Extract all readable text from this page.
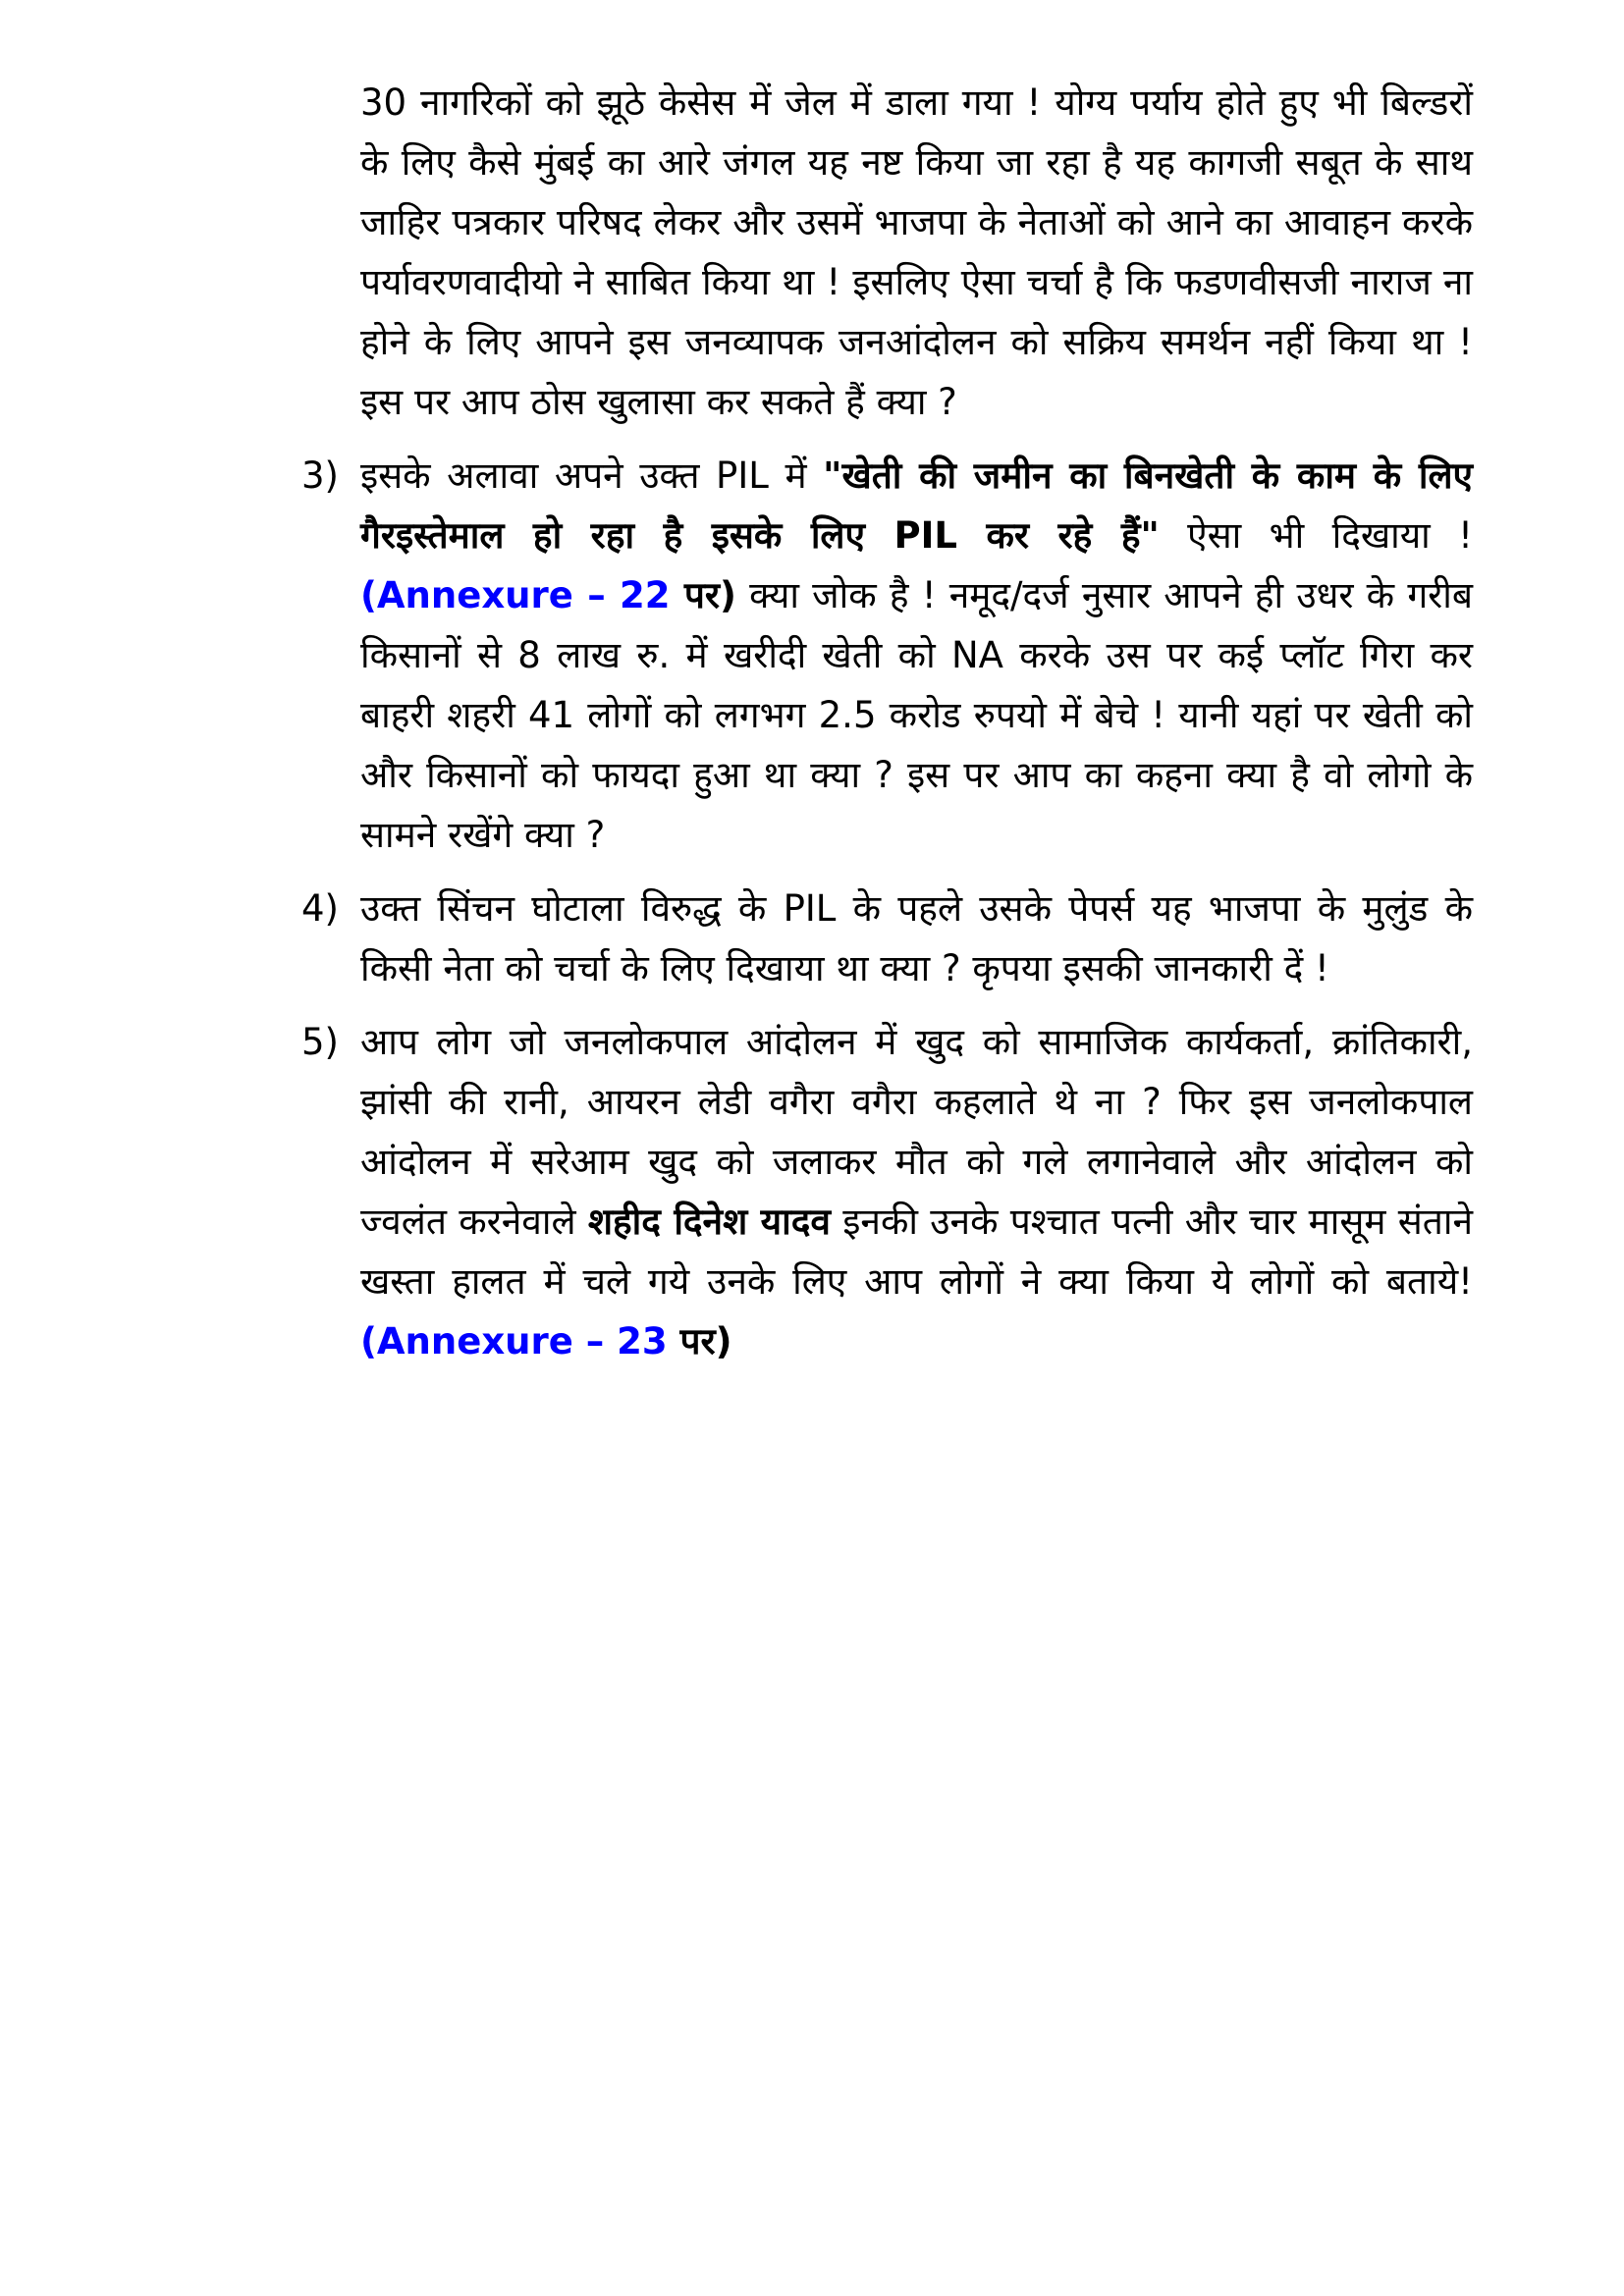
30 नागरिकों को झूठे केसेस में जेल में डाला गया ! योग्य पर्याय होते हुए भी बिल्डरों के लिए कैसे मुंबई का आरे जंगल यह नष्ट किया जा रहा है यह कागजी सबूत के साथ जाहिर पत्रकार परिषद लेकर और उसमें भाजपा के नेताओं को आने का आवाहन करके पर्यावरणवादीयो ने साबित किया था ! इसलिए ऐसा चर्चा है कि फडणवीसजी नाराज ना होने के लिए आपने इस जनव्यापक जनआंदोलन को सक्रिय समर्थन नहीं किया था ! इस पर आप ठोस खुलासा कर सकते हैं क्या ?

3) इसके अलावा अपने उक्त PIL में "खेती की जमीन का बिनखेती के काम के लिए गैरइस्तेमाल हो रहा है इसके लिए PIL कर रहे हैं" ऐसा भी दिखाया ! (Annexure – 22 पर) क्या जोक है ! नमूद/दर्ज नुसार आपने ही उधर के गरीब किसानों से 8 लाख रु. में खरीदी खेती को NA करके उस पर कई प्लॉट गिरा कर बाहरी शहरी 41 लोगों को लगभग 2.5 करोड रुपयो में बेचे ! यानी यहां पर खेती को और किसानों को फायदा हुआ था क्या ? इस पर आप का कहना क्या है वो लोगो के सामने रखेंगे क्या ?
4) उक्त सिंचन घोटाला विरुद्ध के PIL के पहले उसके पेपर्स यह भाजपा के मुलुंड के किसी नेता को चर्चा के लिए दिखाया था क्या ? कृपया इसकी जानकारी दें !
5) आप लोग जो जनलोकपाल आंदोलन में खुद को सामाजिक कार्यकर्ता, क्रांतिकारी, झांसी की रानी, आयरन लेडी वगैरा वगैरा कहलाते थे ना ? फिर इस जनलोकपाल आंदोलन में सरेआम खुद को जलाकर मौत को गले लगानेवाले और आंदोलन को ज्वलंत करनेवाले शहीद दिनेश यादव इनकी उनके पश्चात पत्नी और चार मासूम संताने खस्ता हालत में चले गये उनके लिए आप लोगों ने क्या किया ये लोगों को बताये! (Annexure – 23 पर)
